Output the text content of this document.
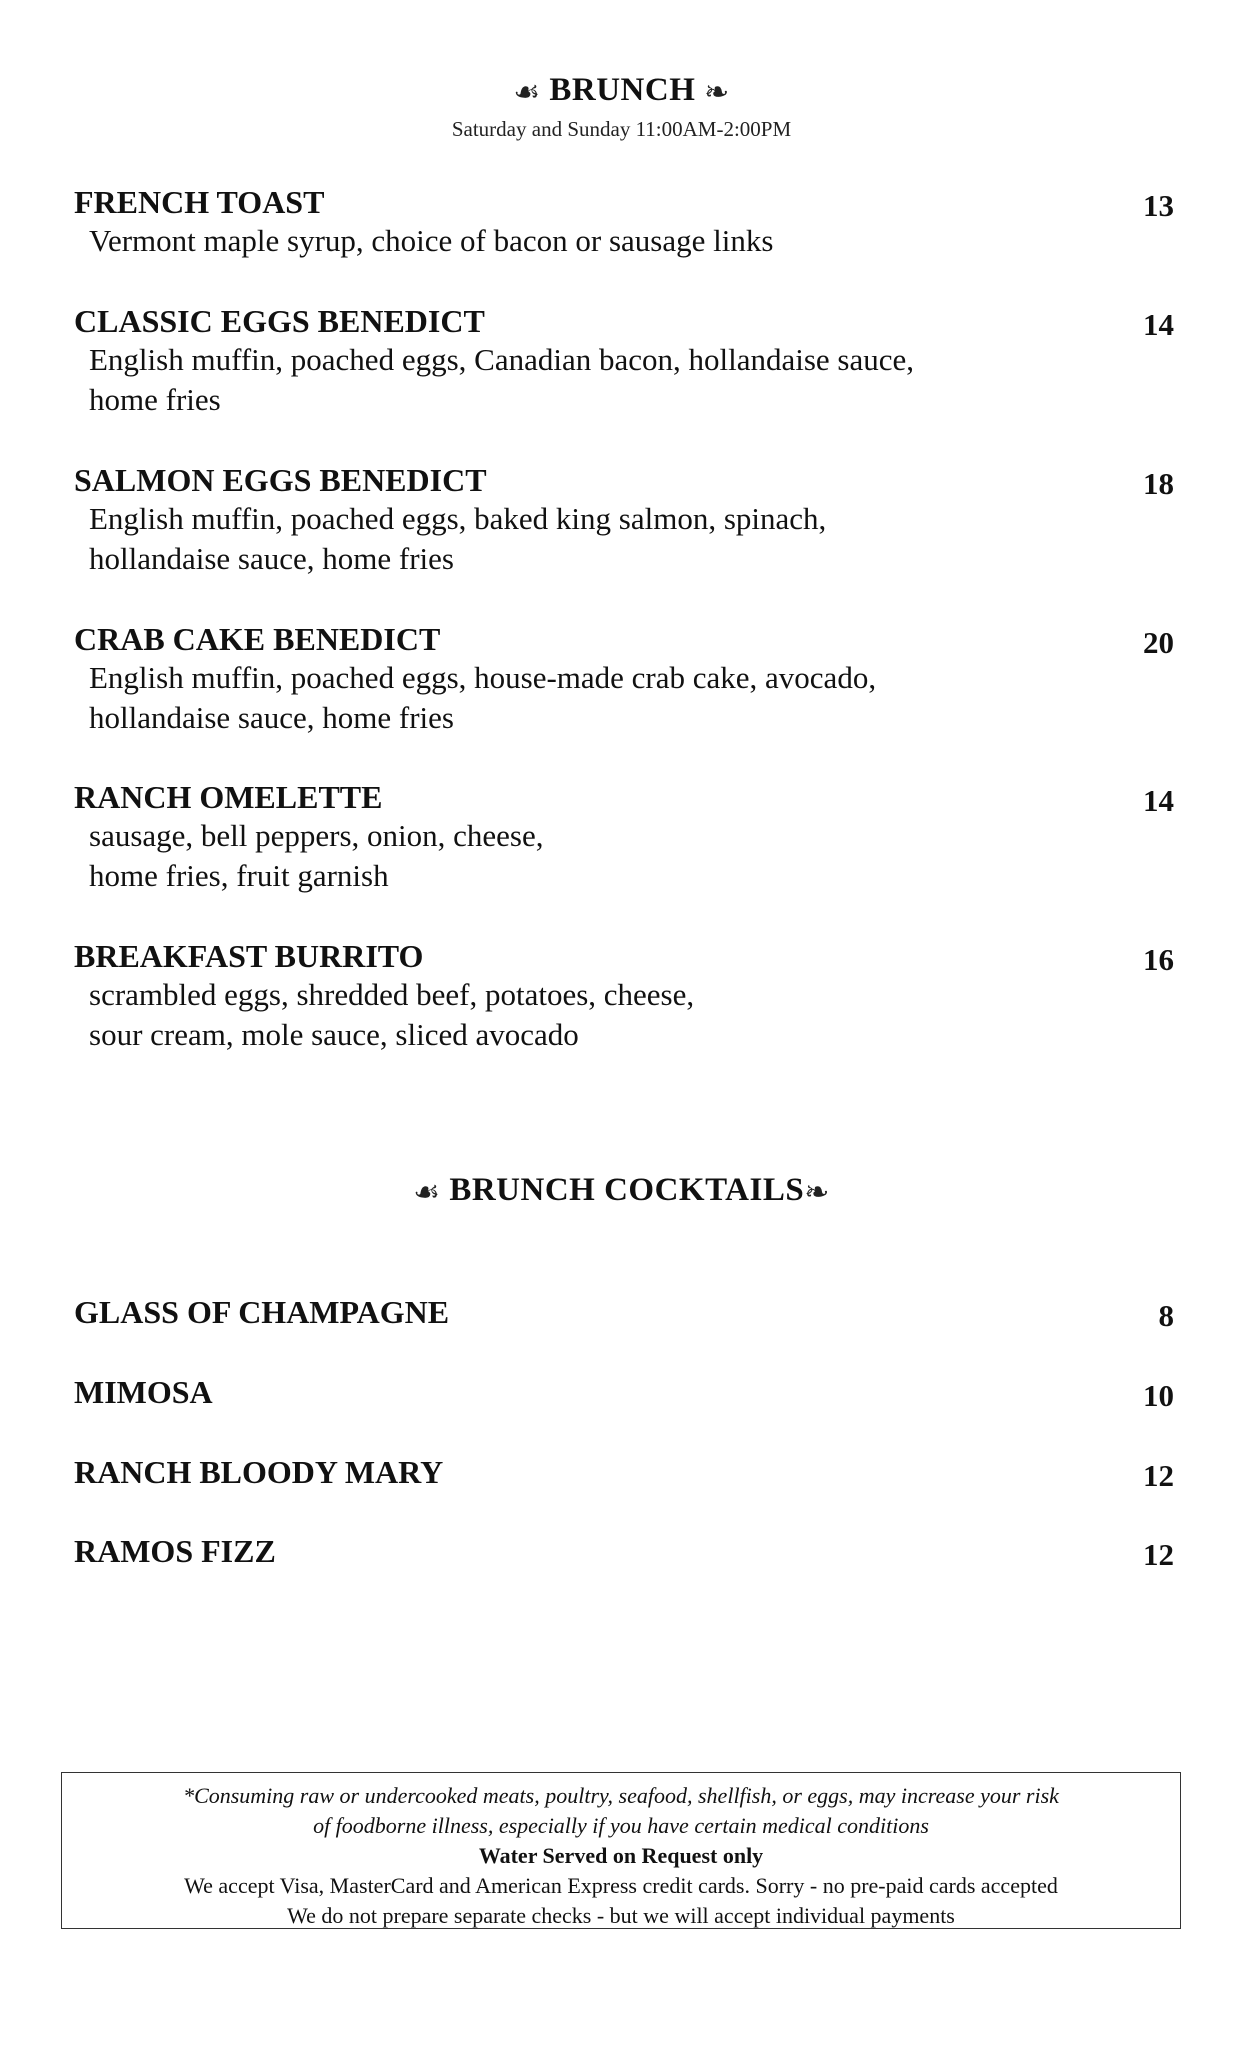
☙ BRUNCH ❧
Saturday and Sunday 11:00AM-2:00PM
FRENCH TOAST	13
Vermont maple syrup, choice of bacon or sausage links
CLASSIC EGGS BENEDICT	14
English muffin, poached eggs, Canadian bacon, hollandaise sauce,
home fries
SALMON EGGS BENEDICT	18
English muffin, poached eggs, baked king salmon, spinach,
hollandaise sauce, home fries
CRAB CAKE BENEDICT	20
English muffin, poached eggs, house-made crab cake, avocado,
hollandaise sauce, home fries
RANCH OMELETTE	14
sausage, bell peppers, onion, cheese,
home fries, fruit garnish
BREAKFAST BURRITO	16
scrambled eggs, shredded beef, potatoes, cheese,
sour cream, mole sauce, sliced avocado
☙ BRUNCH COCKTAILS❧
GLASS OF CHAMPAGNE	8
MIMOSA	10
RANCH BLOODY MARY	12
RAMOS FIZZ	12
*Consuming raw or undercooked meats, poultry, seafood, shellfish, or eggs, may increase your risk
of foodborne illness, especially if you have certain medical conditions
Water Served on Request only
We accept Visa, MasterCard and American Express credit cards. Sorry - no pre-paid cards accepted
We do not prepare separate checks - but we will accept individual payments
